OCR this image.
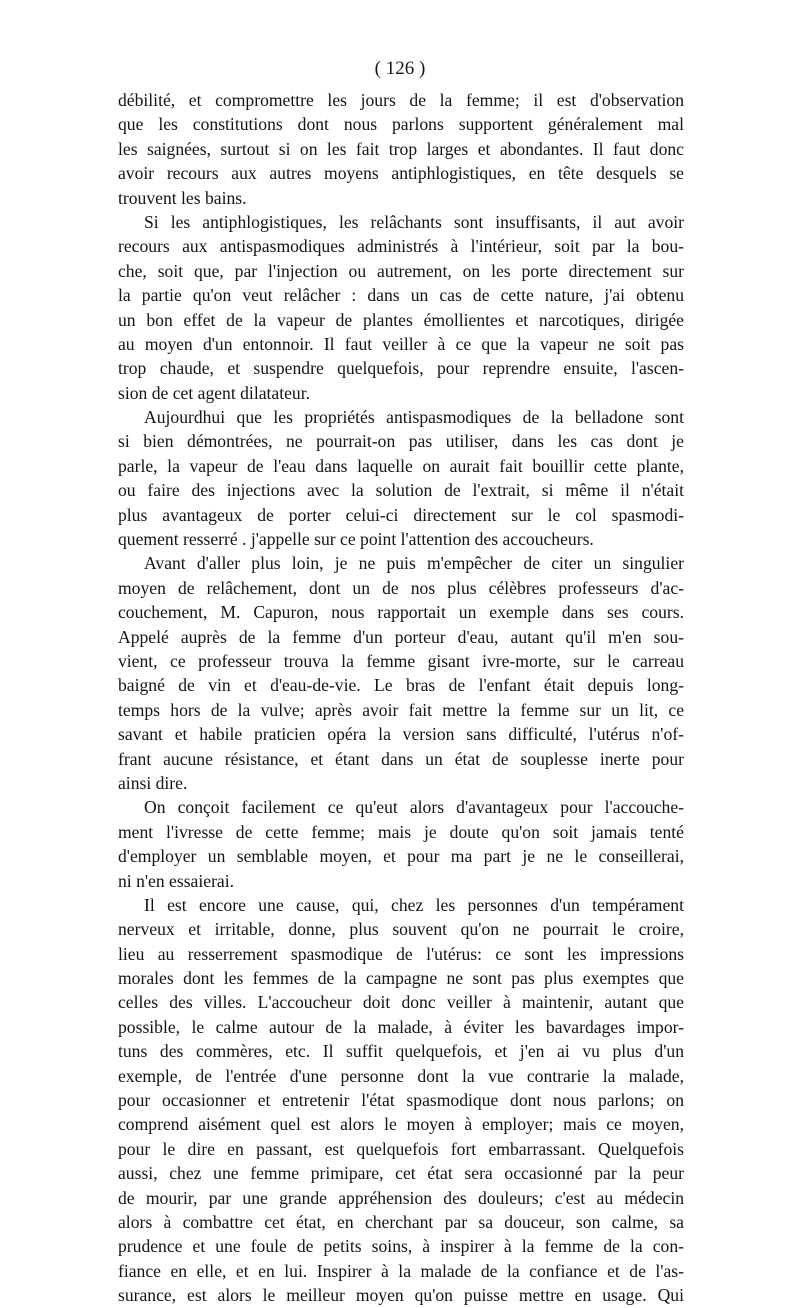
( 126 )
débilité, et compromettre les jours de la femme; il est d'observation
que les constitutions dont nous parlons supportent généralement mal
les saignées, surtout si on les fait trop larges et abondantes. Il faut donc
avoir recours aux autres moyens antiphlogistiques, en tête desquels se
trouvent les bains.
Si les antiphlogistiques, les relâchants sont insuffisants, il aut avoir
recours aux antispasmodiques administrés à l'intérieur, soit par la bou-
che, soit que, par l'injection ou autrement, on les porte directement sur
la partie qu'on veut relâcher : dans un cas de cette nature, j'ai obtenu
un bon effet de la vapeur de plantes émollientes et narcotiques, dirigée
au moyen d'un entonnoir. Il faut veiller à ce que la vapeur ne soit pas
trop chaude, et suspendre quelquefois, pour reprendre ensuite, l'ascen-
sion de cet agent dilatateur.
Aujourdhui que les propriétés antispasmodiques de la belladone sont
si bien démontrées, ne pourrait-on pas utiliser, dans les cas dont je
parle, la vapeur de l'eau dans laquelle on aurait fait bouillir cette plante,
ou faire des injections avec la solution de l'extrait, si même il n'était
plus avantageux de porter celui-ci directement sur le col spasmodi-
quement resserré . j'appelle sur ce point l'attention des accoucheurs.
Avant d'aller plus loin, je ne puis m'empêcher de citer un singulier
moyen de relâchement, dont un de nos plus célèbres professeurs d'ac-
couchement, M. Capuron, nous rapportait un exemple dans ses cours.
Appelé auprès de la femme d'un porteur d'eau, autant qu'il m'en sou-
vient, ce professeur trouva la femme gisant ivre-morte, sur le carreau
baigné de vin et d'eau-de-vie. Le bras de l'enfant était depuis long-
temps hors de la vulve; après avoir fait mettre la femme sur un lit, ce
savant et habile praticien opéra la version sans difficulté, l'utérus n'of-
frant aucune résistance, et étant dans un état de souplesse inerte pour
ainsi dire.
On conçoit facilement ce qu'eut alors d'avantageux pour l'accouche-
ment l'ivresse de cette femme; mais je doute qu'on soit jamais tenté
d'employer un semblable moyen, et pour ma part je ne le conseillerai,
ni n'en essaierai.
Il est encore une cause, qui, chez les personnes d'un tempérament
nerveux et irritable, donne, plus souvent qu'on ne pourrait le croire,
lieu au resserrement spasmodique de l'utérus: ce sont les impressions
morales dont les femmes de la campagne ne sont pas plus exemptes que
celles des villes. L'accoucheur doit donc veiller à maintenir, autant que
possible, le calme autour de la malade, à éviter les bavardages impor-
tuns des commères, etc. Il suffit quelquefois, et j'en ai vu plus d'un
exemple, de l'entrée d'une personne dont la vue contrarie la malade,
pour occasionner et entretenir l'état spasmodique dont nous parlons; on
comprend aisément quel est alors le moyen à employer; mais ce moyen,
pour le dire en passant, est quelquefois fort embarrassant. Quelquefois
aussi, chez une femme primipare, cet état sera occasionné par la peur
de mourir, par une grande appréhension des douleurs; c'est au médecin
alors à combattre cet état, en cherchant par sa douceur, son calme, sa
prudence et une foule de petits soins, à inspirer à la femme de la con-
fiance en elle, et en lui. Inspirer à la malade de la confiance et de l'as-
surance, est alors le meilleur moyen qu'on puisse mettre en usage. Qui
